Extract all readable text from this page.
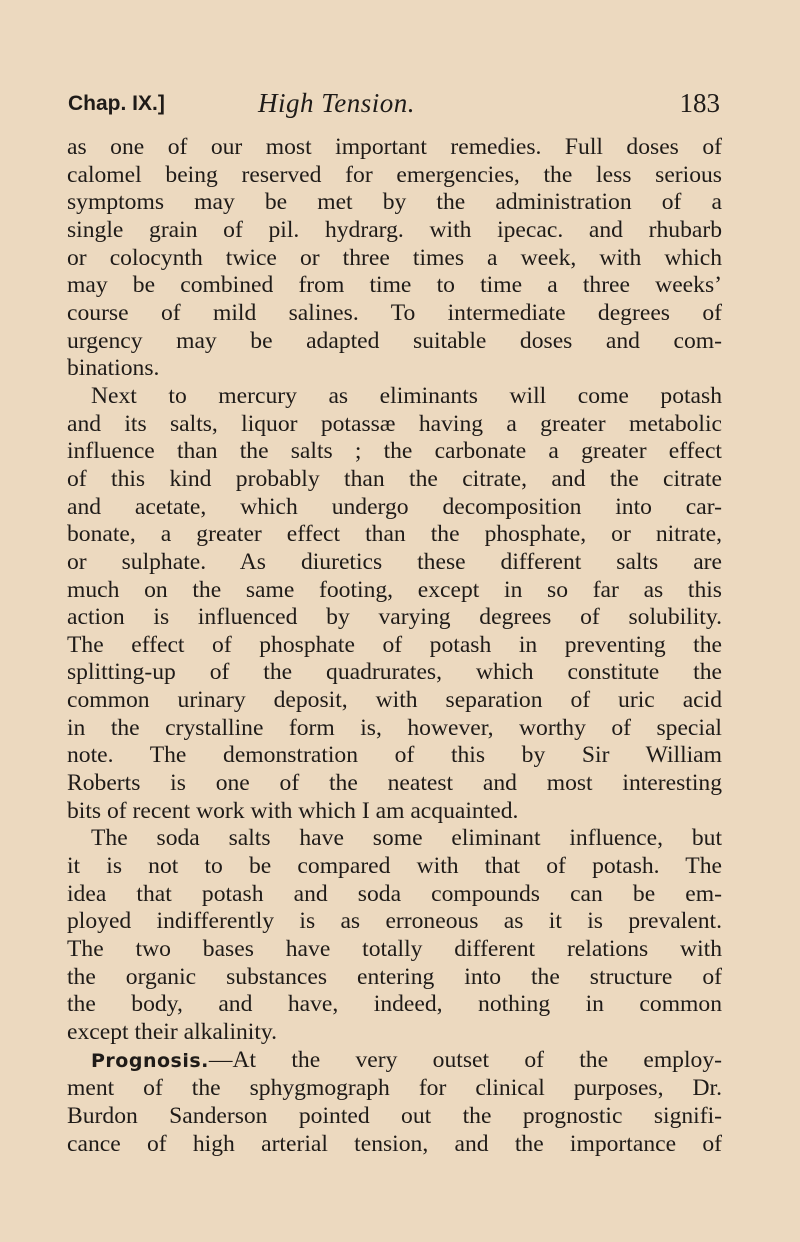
Chap. IX.]	High Tension.	183
as one of our most important remedies. Full doses of
calomel being reserved for emergencies, the less serious
symptoms may be met by the administration of a
single grain of pil. hydrarg. with ipecac. and rhubarb
or colocynth twice or three times a week, with which
may be combined from time to time a three weeks’
course of mild salines. To intermediate degrees of
urgency may be adapted suitable doses and com-
binations.
Next to mercury as eliminants will come potash
and its salts, liquor potassæ having a greater metabolic
influence than the salts ; the carbonate a greater effect
of this kind probably than the citrate, and the citrate
and acetate, which undergo decomposition into car-
bonate, a greater effect than the phosphate, or nitrate,
or sulphate. As diuretics these different salts are
much on the same footing, except in so far as this
action is influenced by varying degrees of solubility.
The effect of phosphate of potash in preventing the
splitting-up of the quadrurates, which constitute the
common urinary deposit, with separation of uric acid
in the crystalline form is, however, worthy of special
note. The demonstration of this by Sir William
Roberts is one of the neatest and most interesting
bits of recent work with which I am acquainted.
The soda salts have some eliminant influence, but
it is not to be compared with that of potash. The
idea that potash and soda compounds can be em-
ployed indifferently is as erroneous as it is prevalent.
The two bases have totally different relations with
the organic substances entering into the structure of
the body, and have, indeed, nothing in common
except their alkalinity.
Prognosis.—At the very outset of the employ-
ment of the sphygmograph for clinical purposes, Dr.
Burdon Sanderson pointed out the prognostic signifi-
cance of high arterial tension, and the importance of
